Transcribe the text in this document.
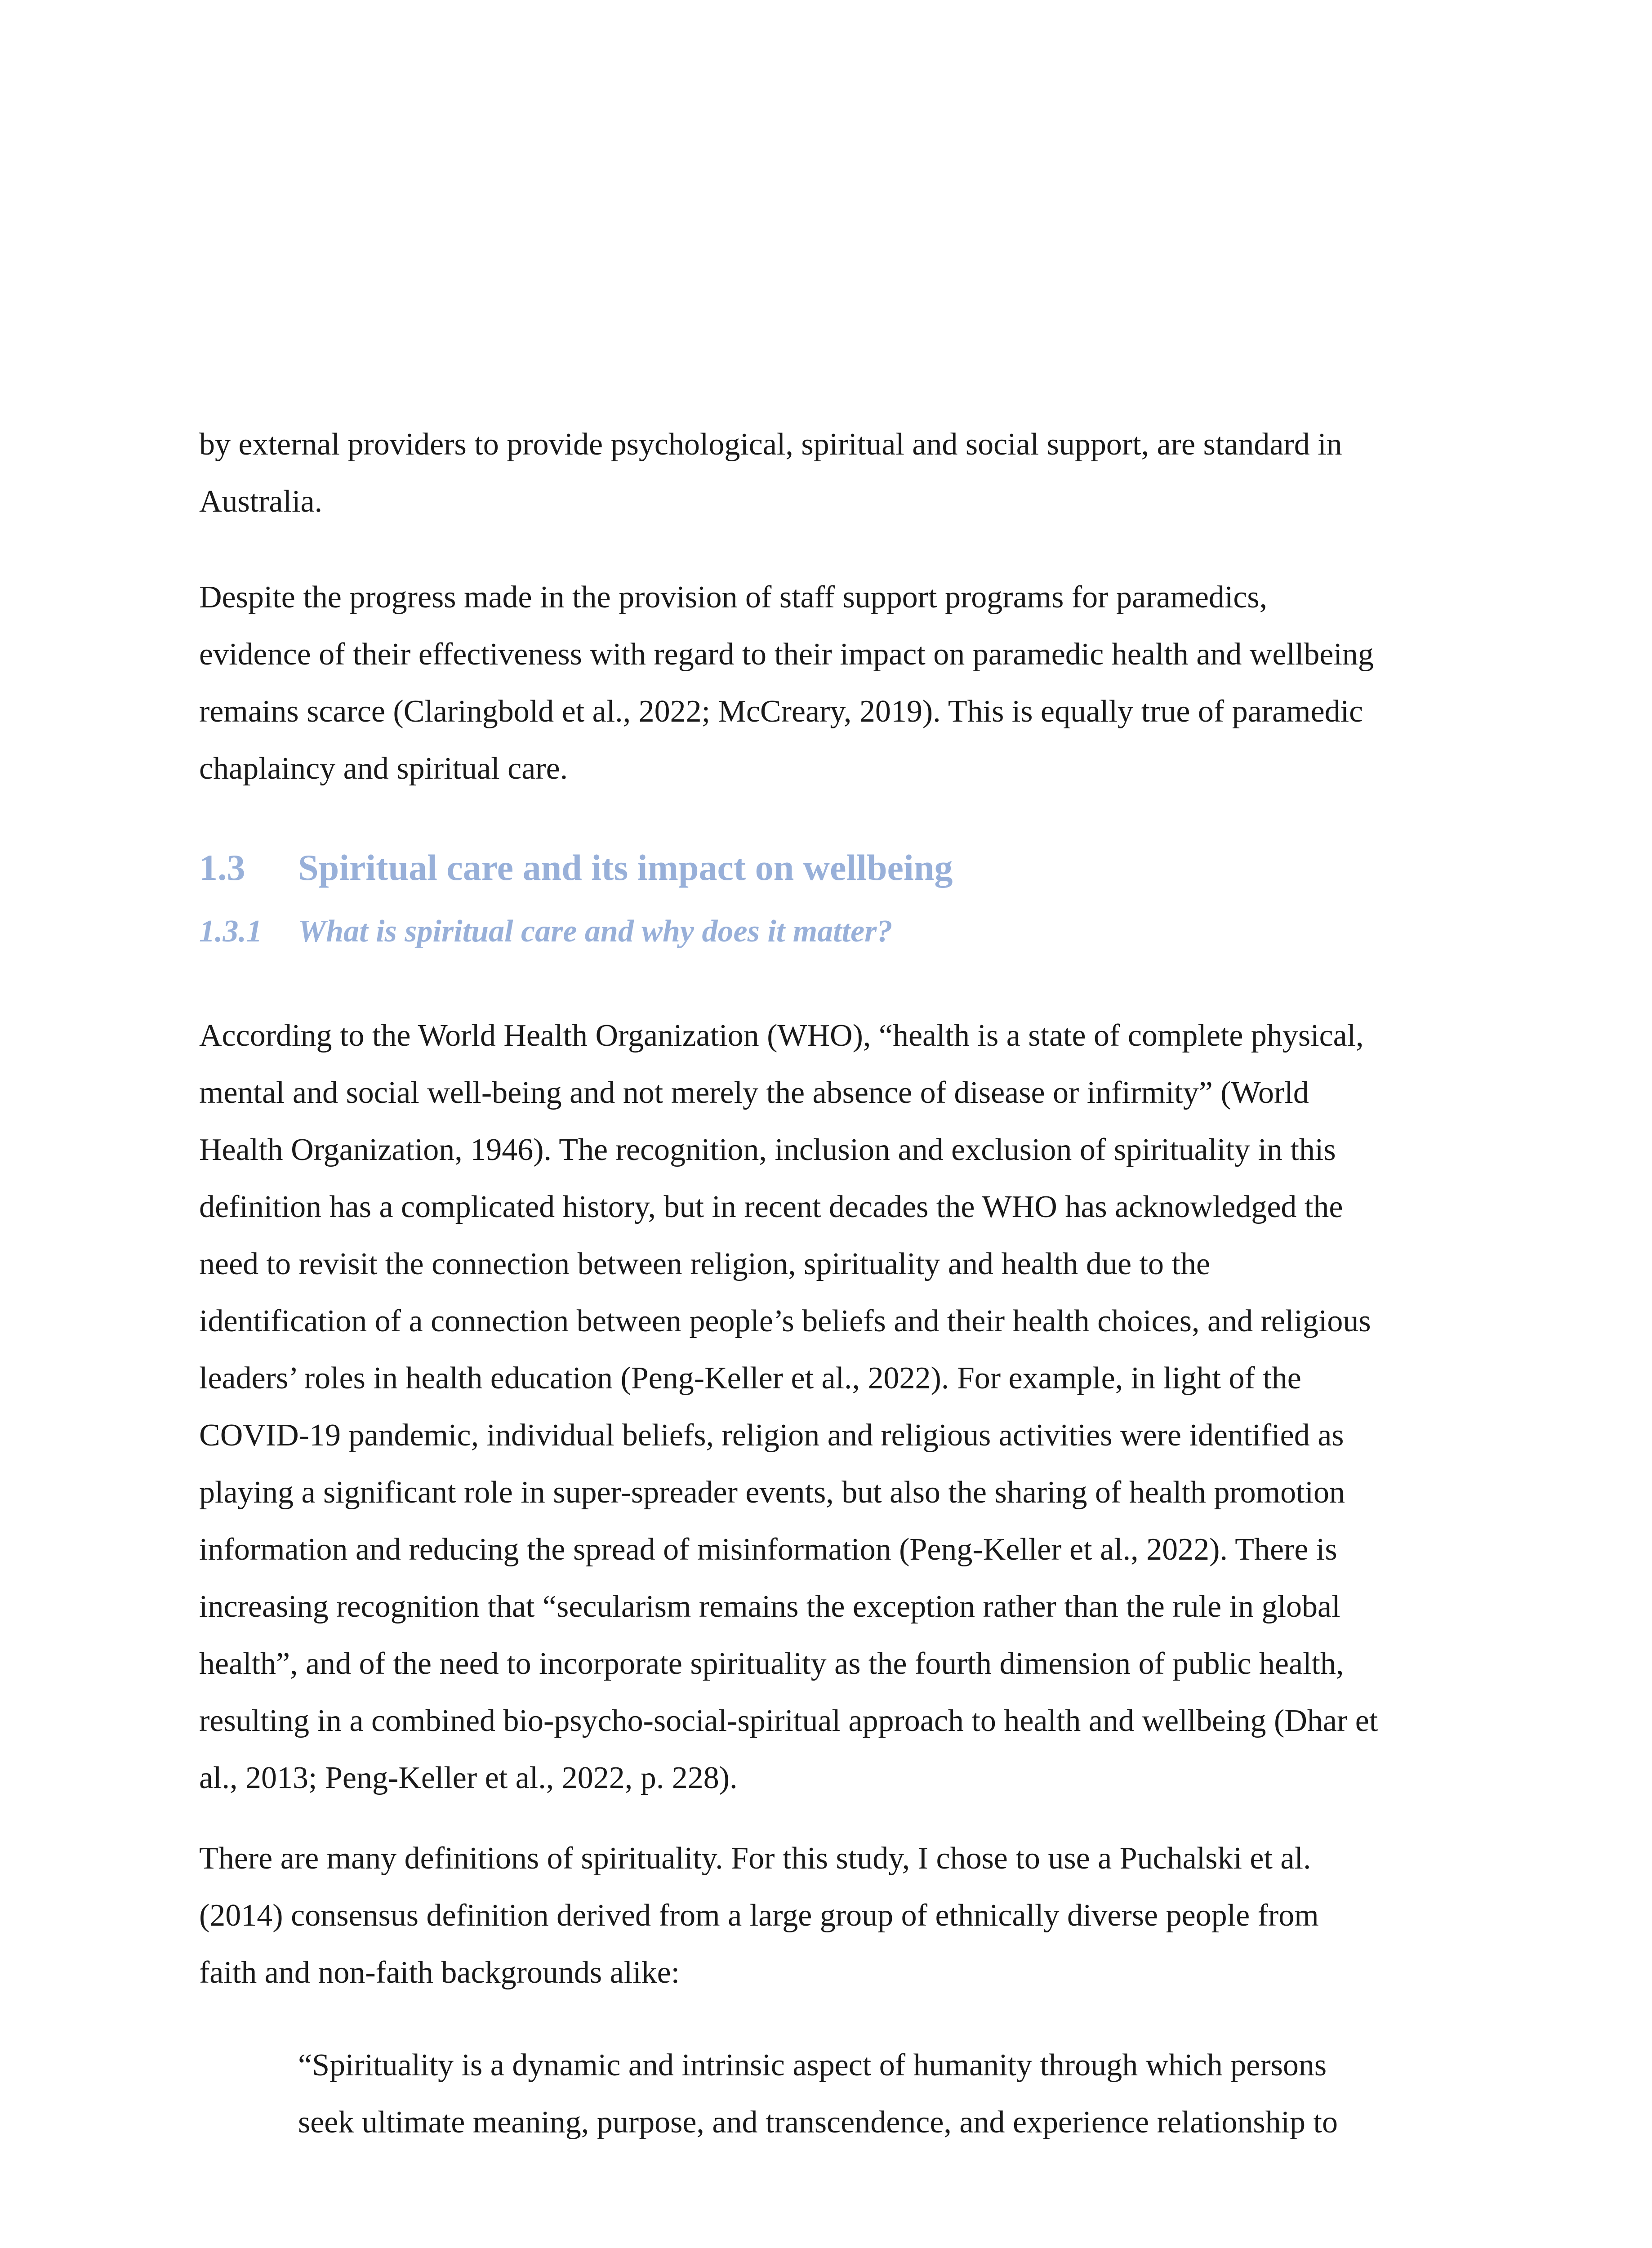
by external providers to provide psychological, spiritual and social support, are standard in
Australia.

Despite the progress made in the provision of staff support programs for paramedics,
evidence of their effectiveness with regard to their impact on paramedic health and wellbeing
remains scarce (Claringbold et al., 2022; McCreary, 2019). This is equally true of paramedic
chaplaincy and spiritual care.

1.3 Spiritual care and its impact on wellbeing
1.3.1 What is spiritual care and why does it matter?

According to the World Health Organization (WHO), “health is a state of complete physical,
mental and social well-being and not merely the absence of disease or infirmity” (World
Health Organization, 1946). The recognition, inclusion and exclusion of spirituality in this
definition has a complicated history, but in recent decades the WHO has acknowledged the
need to revisit the connection between religion, spirituality and health due to the
identification of a connection between people’s beliefs and their health choices, and religious
leaders’ roles in health education (Peng-Keller et al., 2022). For example, in light of the
COVID-19 pandemic, individual beliefs, religion and religious activities were identified as
playing a significant role in super-spreader events, but also the sharing of health promotion
information and reducing the spread of misinformation (Peng-Keller et al., 2022). There is
increasing recognition that “secularism remains the exception rather than the rule in global
health”, and of the need to incorporate spirituality as the fourth dimension of public health,
resulting in a combined bio-psycho-social-spiritual approach to health and wellbeing (Dhar et
al., 2013; Peng-Keller et al., 2022, p. 228).

There are many definitions of spirituality. For this study, I chose to use a Puchalski et al.
(2014) consensus definition derived from a large group of ethnically diverse people from
faith and non-faith backgrounds alike:

“Spirituality is a dynamic and intrinsic aspect of humanity through which persons
seek ultimate meaning, purpose, and transcendence, and experience relationship to
